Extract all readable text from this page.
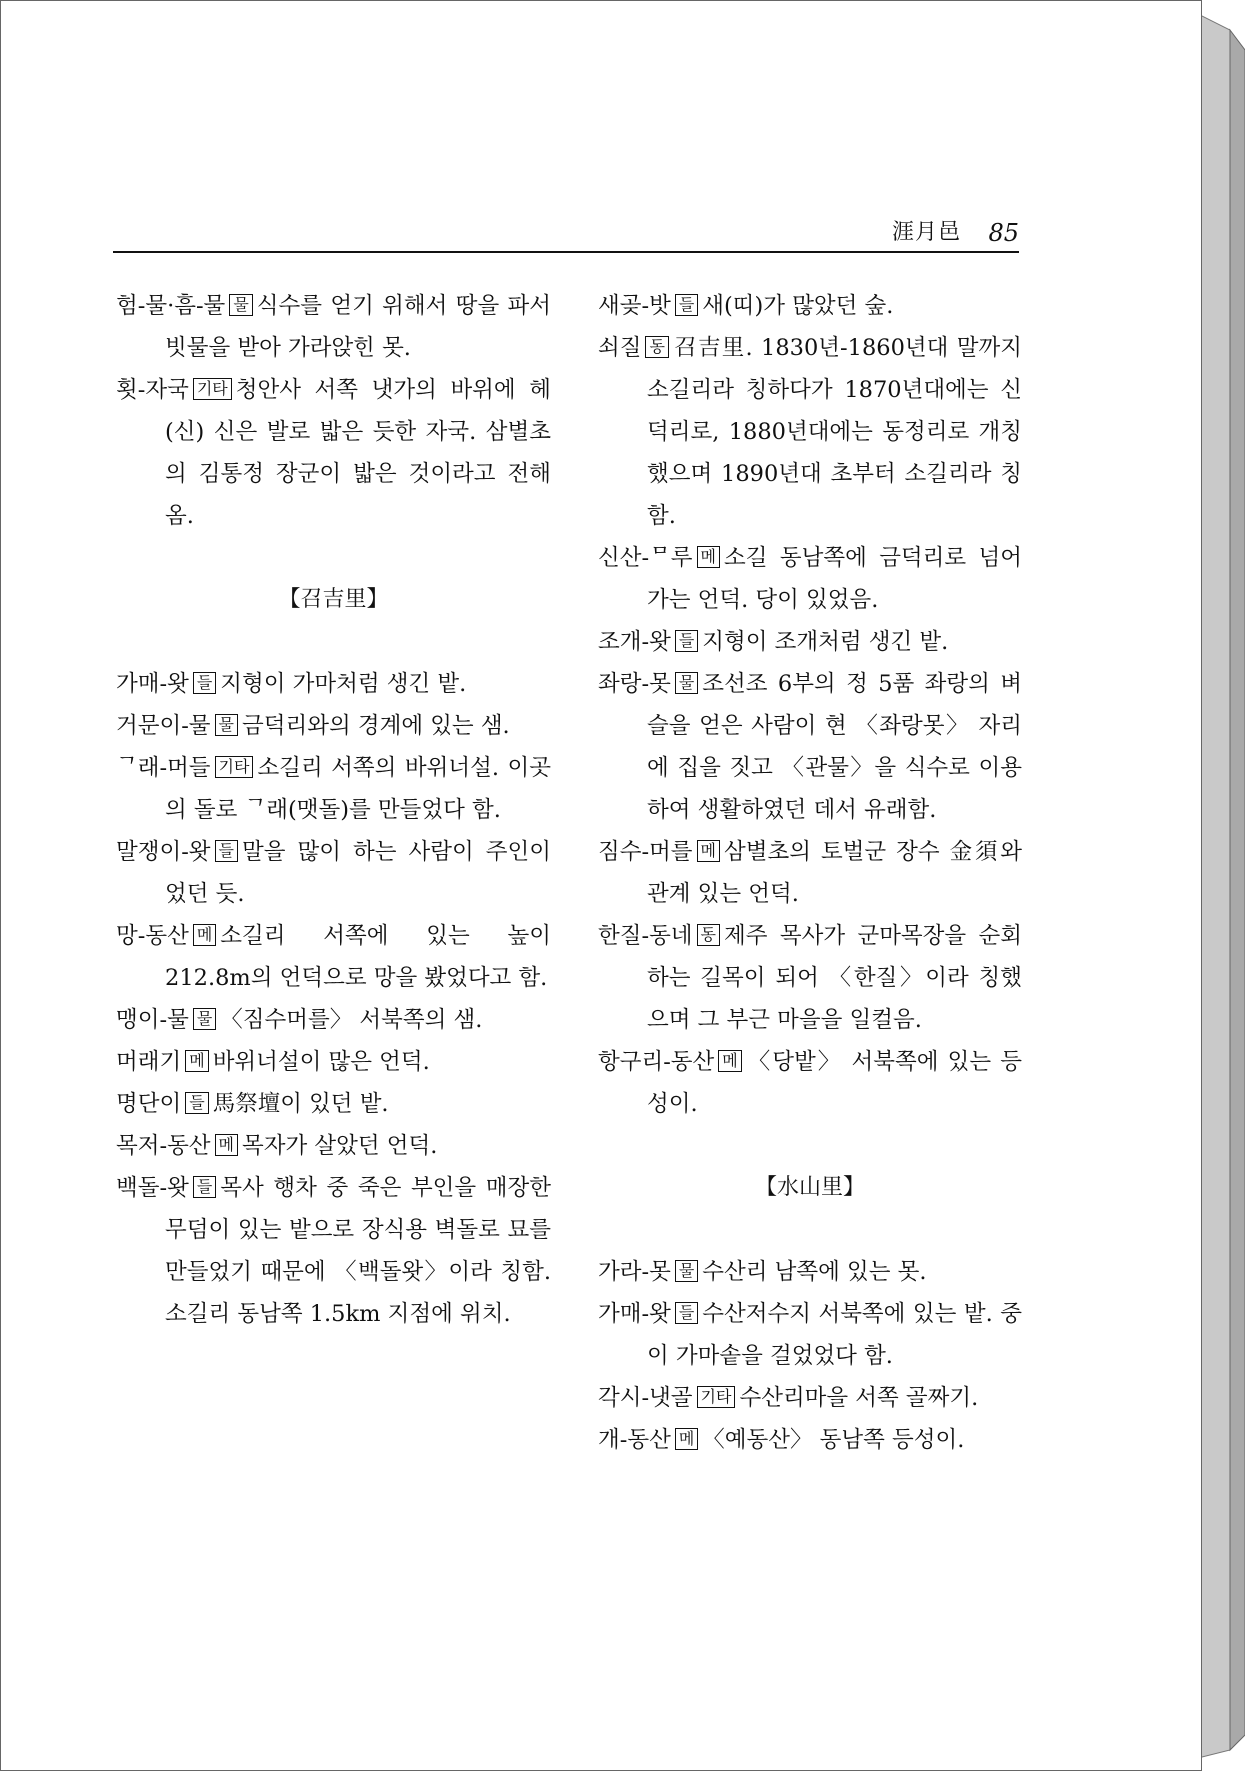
涯月邑 85

험-물·흠-물 물 식수를 얻기 위해서 땅을 파서 빗물을 받아 가라앉힌 못.

횟-자국 기타 청안사 서쪽 냇가의 바위에 헤(신) 신은 발로 밟은 듯한 자국. 삼별초의 김통정 장군이 밟은 것이라고 전해 옴.

【召吉里】

가매-왓 들 지형이 가마처럼 생긴 밭.

거문이-물 물 금덕리와의 경계에 있는 샘.

ᄀ래-머들 기타 소길리 서쪽의 바위너설. 이곳의 돌로 ᄀ래(맷돌)를 만들었다 함.

말쟁이-왓 들 말을 많이 하는 사람이 주인이었던 듯.

망-동산 메 소길리 서쪽에 있는 높이 212.8m의 언덕으로 망을 봤었다고 함.

맹이-물 물 〈짐수머를〉 서북쪽의 샘.

머래기 메 바위너설이 많은 언덕.

명단이 들 馬祭壇이 있던 밭.

목저-동산 메 목자가 살았던 언덕.

백돌-왓 들 목사 행차 중 죽은 부인을 매장한 무덤이 있는 밭으로 장식용 벽돌로 묘를 만들었기 때문에 〈백돌왓〉이라 칭함. 소길리 동남쪽 1.5km 지점에 위치.

새곶-밧 들 새(띠)가 많았던 숲.

쇠질 동 召吉里. 1830년-1860년대 말까지 소길리라 칭하다가 1870년대에는 신덕리로, 1880년대에는 동정리로 개칭했으며 1890년대 초부터 소길리라 칭함.

신산-ᄆ루 메 소길 동남쪽에 금덕리로 넘어가는 언덕. 당이 있었음.

조개-왓 들 지형이 조개처럼 생긴 밭.

좌랑-못 물 조선조 6부의 정 5품 좌랑의 벼슬을 얻은 사람이 현 〈좌랑못〉 자리에 집을 짓고 〈관물〉을 식수로 이용하여 생활하였던 데서 유래함.

짐수-머를 메 삼별초의 토벌군 장수 金須와 관계 있는 언덕.

한질-동네 동 제주 목사가 군마목장을 순회하는 길목이 되어 〈한질〉이라 칭했으며 그 부근 마을을 일컬음.

항구리-동산 메 〈당밭〉 서북쪽에 있는 등성이.

【水山里】

가라-못 물 수산리 남쪽에 있는 못.

가매-왓 들 수산저수지 서북쪽에 있는 밭. 중이 가마솥을 걸었었다 함.

각시-냇골 기타 수산리마을 서쪽 골짜기.

개-동산 메 〈예동산〉 동남쪽 등성이.
